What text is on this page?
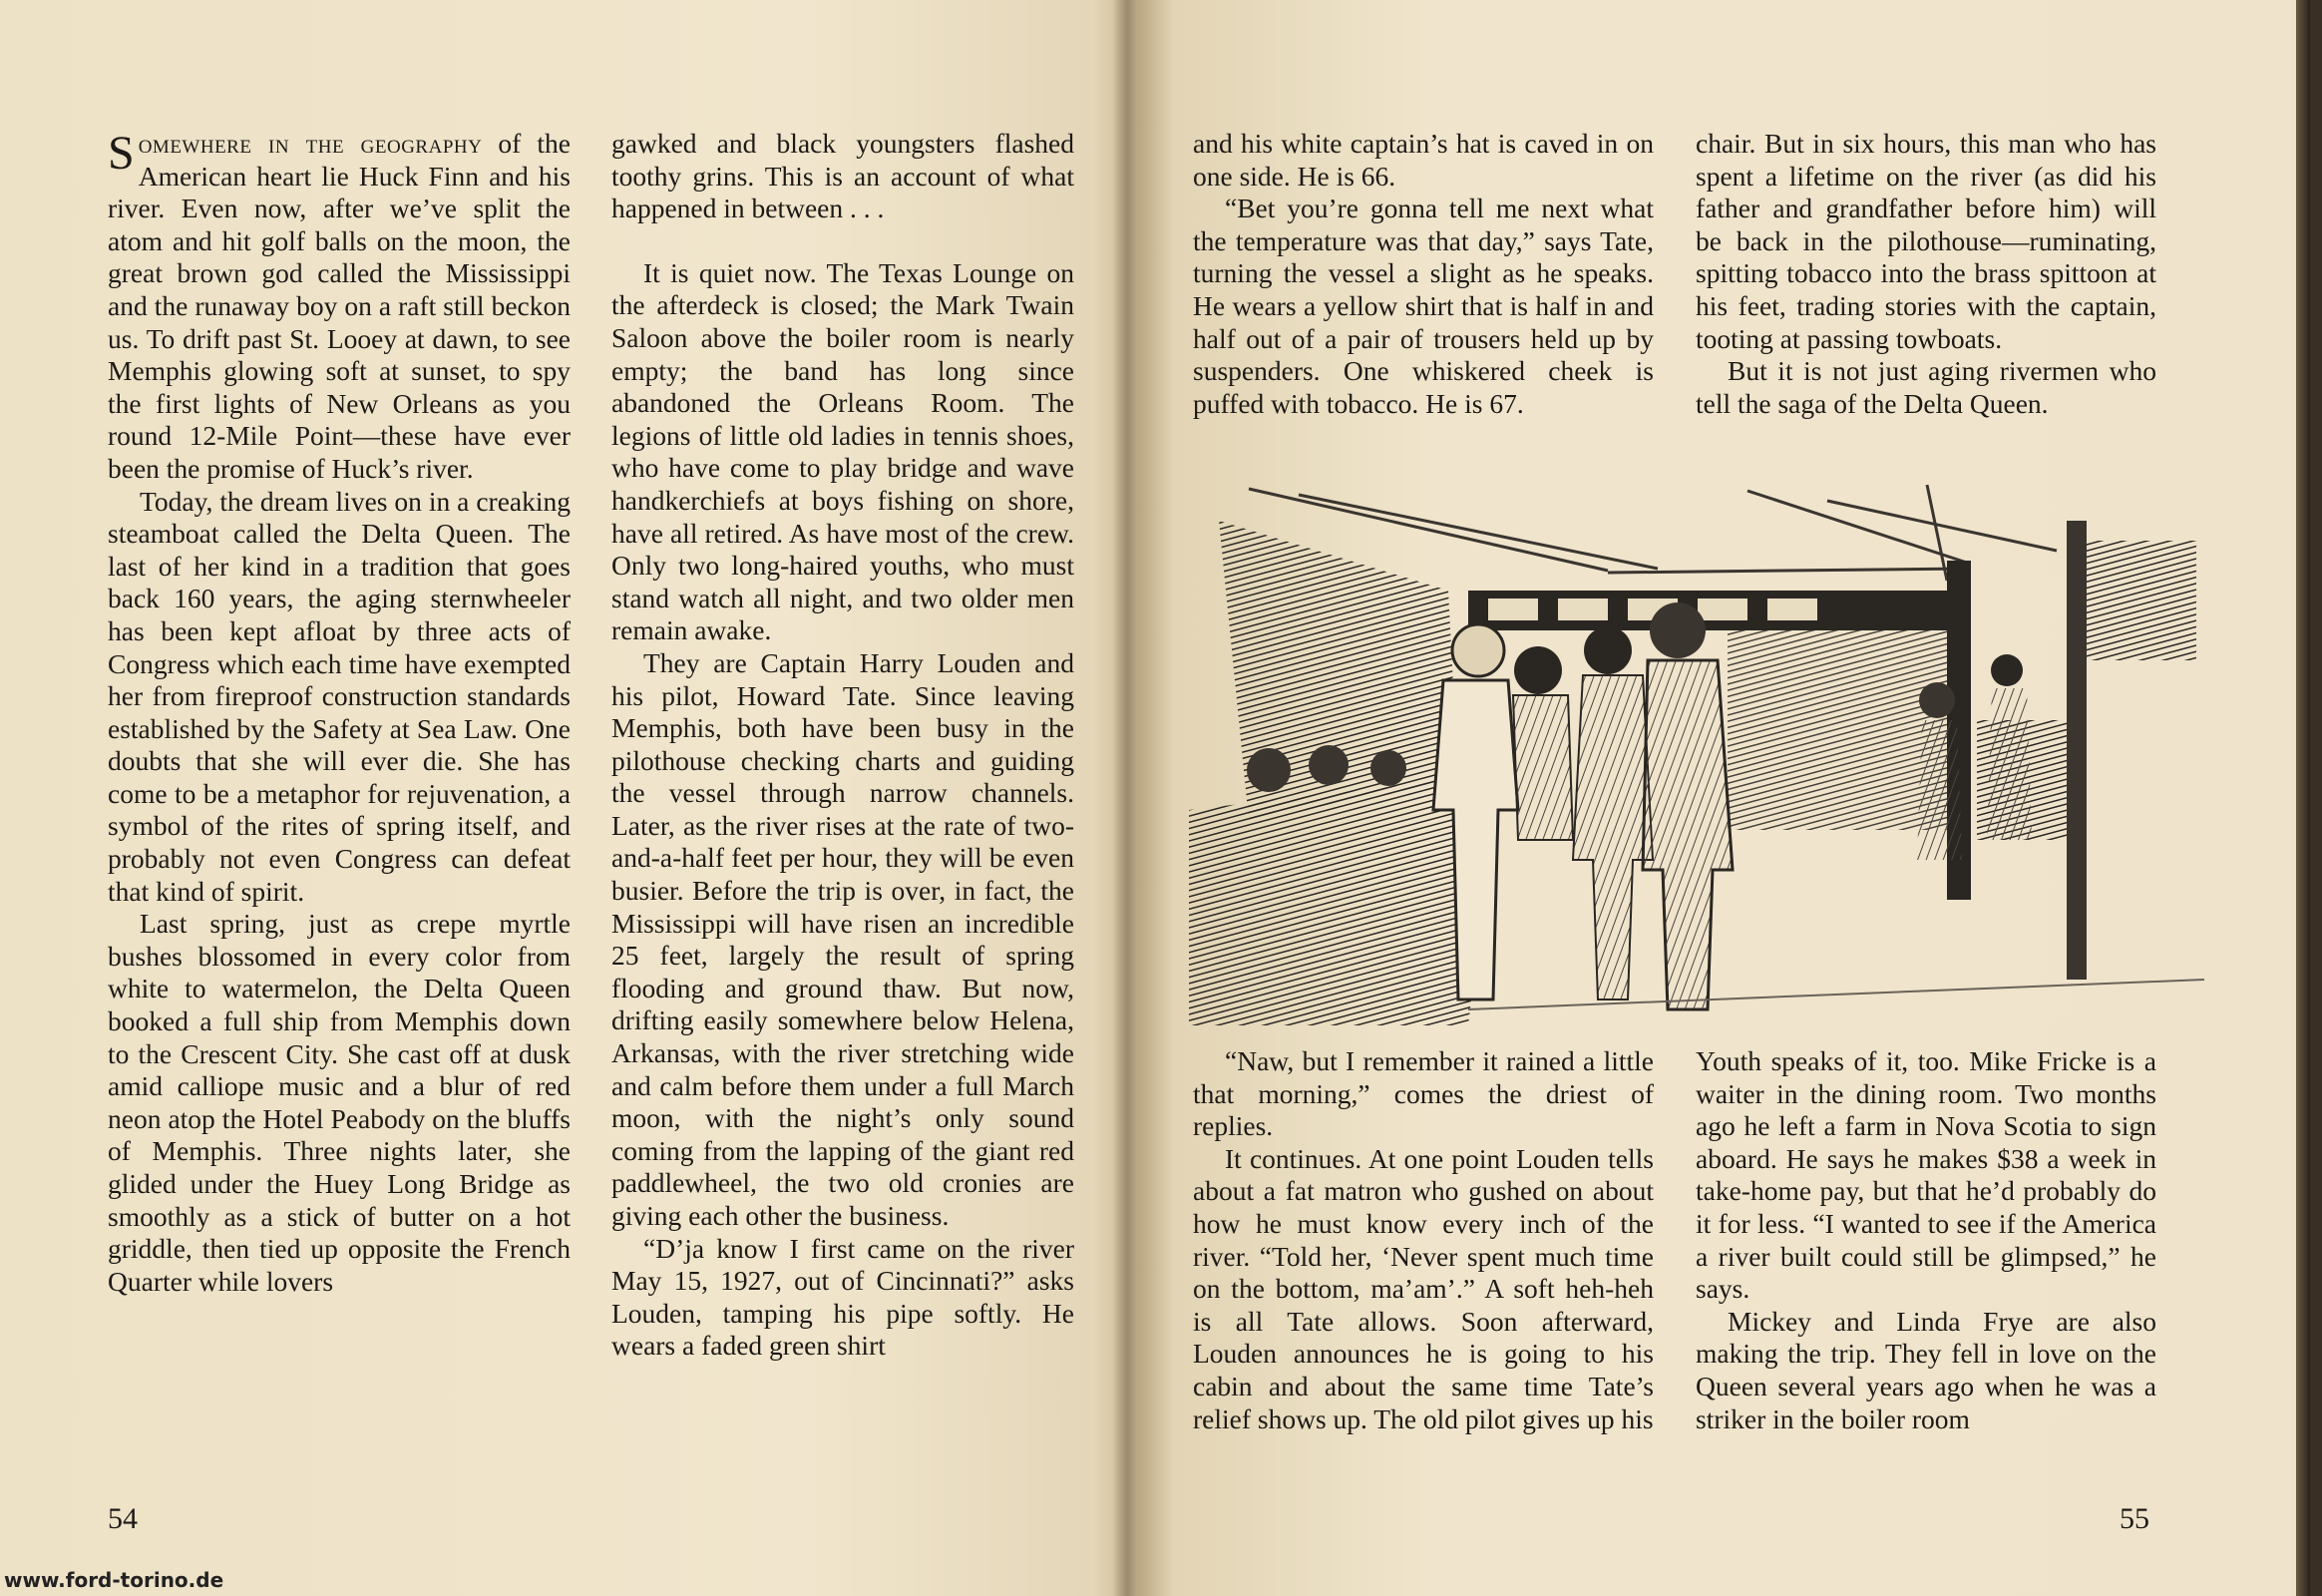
Somewhere in the geography of the American heart lie Huck Finn and his river. Even now, after we’ve split the atom and hit golf balls on the moon, the great brown god called the Mississippi and the runaway boy on a raft still beckon us. To drift past St. Looey at dawn, to see Memphis glowing soft at sunset, to spy the first lights of New Orleans as you round 12-Mile Point—these have ever been the promise of Huck’s river.

Today, the dream lives on in a creaking steamboat called the Delta Queen. The last of her kind in a tradition that goes back 160 years, the aging sternwheeler has been kept afloat by three acts of Congress which each time have exempted her from fireproof construction standards established by the Safety at Sea Law. One doubts that she will ever die. She has come to be a metaphor for rejuvenation, a symbol of the rites of spring itself, and probably not even Congress can defeat that kind of spirit.

Last spring, just as crepe myrtle bushes blossomed in every color from white to watermelon, the Delta Queen booked a full ship from Memphis down to the Crescent City. She cast off at dusk amid calliope music and a blur of red neon atop the Hotel Peabody on the bluffs of Memphis. Three nights later, she glided under the Huey Long Bridge as smoothly as a stick of butter on a hot griddle, then tied up opposite the French Quarter while lovers

gawked and black youngsters flashed toothy grins. This is an account of what happened in between . . .

It is quiet now. The Texas Lounge on the afterdeck is closed; the Mark Twain Saloon above the boiler room is nearly empty; the band has long since abandoned the Orleans Room. The legions of little old ladies in tennis shoes, who have come to play bridge and wave handkerchiefs at boys fishing on shore, have all retired. As have most of the crew. Only two long-haired youths, who must stand watch all night, and two older men remain awake.

They are Captain Harry Louden and his pilot, Howard Tate. Since leaving Memphis, both have been busy in the pilothouse checking charts and guiding the vessel through narrow channels. Later, as the river rises at the rate of two-and-a-half feet per hour, they will be even busier. Before the trip is over, in fact, the Mississippi will have risen an incredible 25 feet, largely the result of spring flooding and ground thaw. But now, drifting easily somewhere below Helena, Arkansas, with the river stretching wide and calm before them under a full March moon, with the night’s only sound coming from the lapping of the giant red paddlewheel, the two old cronies are giving each other the business.

“D’ja know I first came on the river May 15, 1927, out of Cincinnati?” asks Louden, tamping his pipe softly. He wears a faded green shirt

54
www.ford-torino.de

and his white captain’s hat is caved in on one side. He is 66.

“Bet you’re gonna tell me next what the temperature was that day,” says Tate, turning the vessel a slight as he speaks. He wears a yellow shirt that is half in and half out of a pair of trousers held up by suspenders. One whiskered cheek is puffed with tobacco. He is 67.

chair. But in six hours, this man who has spent a lifetime on the river (as did his father and grandfather before him) will be back in the pilothouse—ruminating, spitting tobacco into the brass spittoon at his feet, trading stories with the captain, tooting at passing towboats.

But it is not just aging rivermen who tell the saga of the Delta Queen.

“Naw, but I remember it rained a little that morning,” comes the driest of replies.

It continues. At one point Louden tells about a fat matron who gushed on about how he must know every inch of the river. “Told her, ‘Never spent much time on the bottom, ma’am’.” A soft heh-heh is all Tate allows. Soon afterward, Louden announces he is going to his cabin and about the same time Tate’s relief shows up. The old pilot gives up his

Youth speaks of it, too. Mike Fricke is a waiter in the dining room. Two months ago he left a farm in Nova Scotia to sign aboard. He says he makes $38 a week in take-home pay, but that he’d probably do it for less. “I wanted to see if the America a river built could still be glimpsed,” he says.

Mickey and Linda Frye are also making the trip. They fell in love on the Queen several years ago when he was a striker in the boiler room

55
